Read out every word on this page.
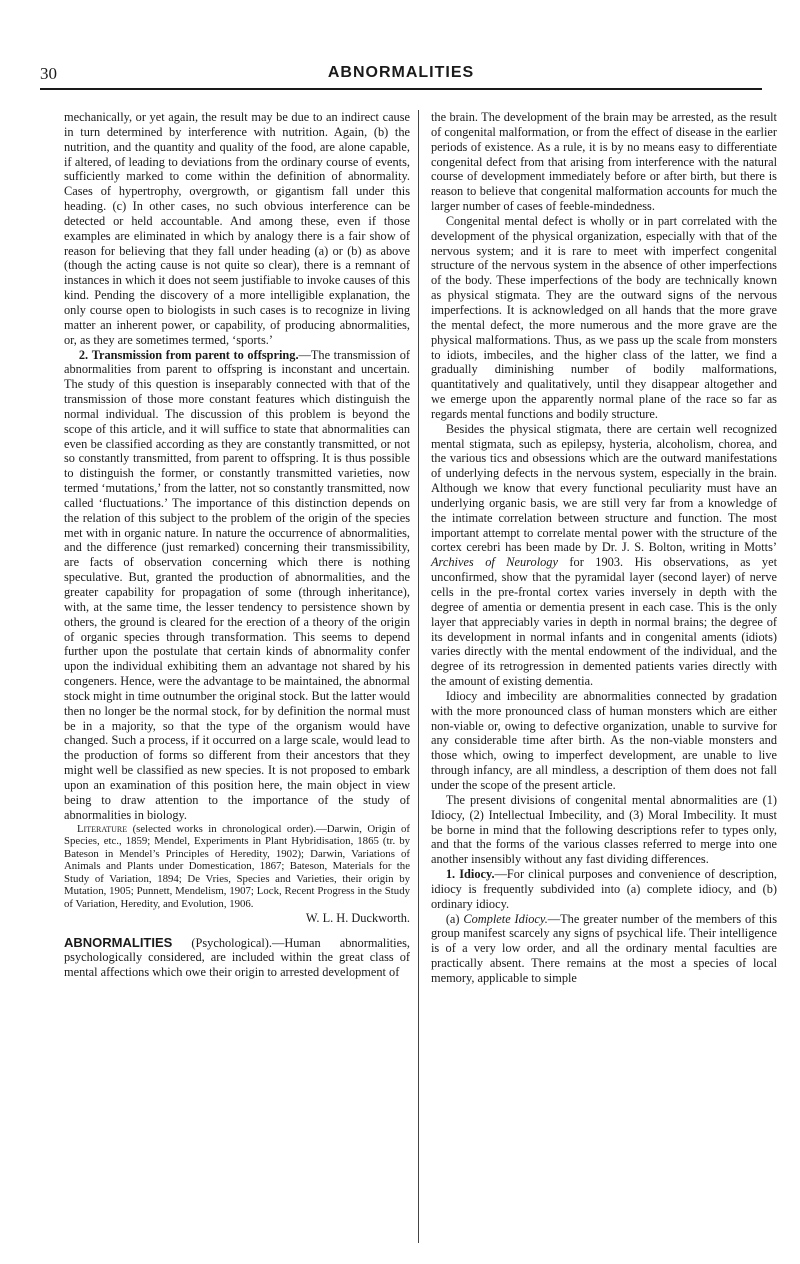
30	ABNORMALITIES

mechanically, or yet again, the result may be due to an indirect cause in turn determined by interference with nutrition. Again, (b) the nutrition, and the quantity and quality of the food, are alone capable, if altered, of leading to deviations from the ordinary course of events, sufficiently marked to come within the definition of abnormality. Cases of hypertrophy, overgrowth, or gigantism fall under this heading. (c) In other cases, no such obvious interference can be detected or held accountable. And among these, even if those examples are eliminated in which by analogy there is a fair show of reason for believing that they fall under heading (a) or (b) as above (though the acting cause is not quite so clear), there is a remnant of instances in which it does not seem justifiable to invoke causes of this kind. Pending the discovery of a more intelligible explanation, the only course open to biologists in such cases is to recognize in living matter an inherent power, or capability, of producing abnormalities, or, as they are sometimes termed, ‘sports.’

2. Transmission from parent to offspring.—The transmission of abnormalities from parent to offspring is inconstant and uncertain. The study of this question is inseparably connected with that of the transmission of those more constant features which distinguish the normal individual. The discussion of this problem is beyond the scope of this article, and it will suffice to state that abnormalities can even be classified according as they are constantly transmitted, or not so constantly transmitted, from parent to offspring. It is thus possible to distinguish the former, or constantly transmitted varieties, now termed ‘mutations,’ from the latter, not so constantly transmitted, now called ‘fluctuations.’ The importance of this distinction depends on the relation of this subject to the problem of the origin of the species met with in organic nature. In nature the occurrence of abnormalities, and the difference (just remarked) concerning their transmissibility, are facts of observation concerning which there is nothing speculative. But, granted the production of abnormalities, and the greater capability for propagation of some (through inheritance), with, at the same time, the lesser tendency to persistence shown by others, the ground is cleared for the erection of a theory of the origin of organic species through transformation. This seems to depend further upon the postulate that certain kinds of abnormality confer upon the individual exhibiting them an advantage not shared by his congeners. Hence, were the advantage to be maintained, the abnormal stock might in time outnumber the original stock. But the latter would then no longer be the normal stock, for by definition the normal must be in a majority, so that the type of the organism would have changed. Such a process, if it occurred on a large scale, would lead to the production of forms so different from their ancestors that they might well be classified as new species. It is not proposed to embark upon an examination of this position here, the main object in view being to draw attention to the importance of the study of abnormalities in biology.

Literature (selected works in chronological order).—Darwin, Origin of Species, etc., 1859; Mendel, Experiments in Plant Hybridisation, 1865 (tr. by Bateson in Mendel’s Principles of Heredity, 1902); Darwin, Variations of Animals and Plants under Domestication, 1867; Bateson, Materials for the Study of Variation, 1894; De Vries, Species and Varieties, their origin by Mutation, 1905; Punnett, Mendelism, 1907; Lock, Recent Progress in the Study of Variation, Heredity, and Evolution, 1906.

W. L. H. Duckworth.

ABNORMALITIES (Psychological).—Human abnormalities, psychologically considered, are included within the great class of mental affections which owe their origin to arrested development of

the brain. The development of the brain may be arrested, as the result of congenital malformation, or from the effect of disease in the earlier periods of existence. As a rule, it is by no means easy to differentiate congenital defect from that arising from interference with the natural course of development immediately before or after birth, but there is reason to believe that congenital malformation accounts for much the larger number of cases of feeble-mindedness.

Congenital mental defect is wholly or in part correlated with the development of the physical organization, especially with that of the nervous system; and it is rare to meet with imperfect congenital structure of the nervous system in the absence of other imperfections of the body. These imperfections of the body are technically known as physical stigmata. They are the outward signs of the nervous imperfections. It is acknowledged on all hands that the more grave the mental defect, the more numerous and the more grave are the physical malformations. Thus, as we pass up the scale from monsters to idiots, imbeciles, and the higher class of the latter, we find a gradually diminishing number of bodily malformations, quantitatively and qualitatively, until they disappear altogether and we emerge upon the apparently normal plane of the race so far as regards mental functions and bodily structure.

Besides the physical stigmata, there are certain well recognized mental stigmata, such as epilepsy, hysteria, alcoholism, chorea, and the various tics and obsessions which are the outward manifestations of underlying defects in the nervous system, especially in the brain. Although we know that every functional peculiarity must have an underlying organic basis, we are still very far from a knowledge of the intimate correlation between structure and function. The most important attempt to correlate mental power with the structure of the cortex cerebri has been made by Dr. J. S. Bolton, writing in Motts’ Archives of Neurology for 1903. His observations, as yet unconfirmed, show that the pyramidal layer (second layer) of nerve cells in the pre-frontal cortex varies inversely in depth with the degree of amentia or dementia present in each case. This is the only layer that appreciably varies in depth in normal brains; the degree of its development in normal infants and in congenital aments (idiots) varies directly with the mental endowment of the individual, and the degree of its retrogression in demented patients varies directly with the amount of existing dementia.

Idiocy and imbecility are abnormalities connected by gradation with the more pronounced class of human monsters which are either non-viable or, owing to defective organization, unable to survive for any considerable time after birth. As the non-viable monsters and those which, owing to imperfect development, are unable to live through infancy, are all mindless, a description of them does not fall under the scope of the present article.

The present divisions of congenital mental abnormalities are (1) Idiocy, (2) Intellectual Imbecility, and (3) Moral Imbecility. It must be borne in mind that the following descriptions refer to types only, and that the forms of the various classes referred to merge into one another insensibly without any fast dividing differences.

1. Idiocy.—For clinical purposes and convenience of description, idiocy is frequently subdivided into (a) complete idiocy, and (b) ordinary idiocy.

(a) Complete Idiocy.—The greater number of the members of this group manifest scarcely any signs of psychical life. Their intelligence is of a very low order, and all the ordinary mental faculties are practically absent. There remains at the most a species of local memory, applicable to simple
